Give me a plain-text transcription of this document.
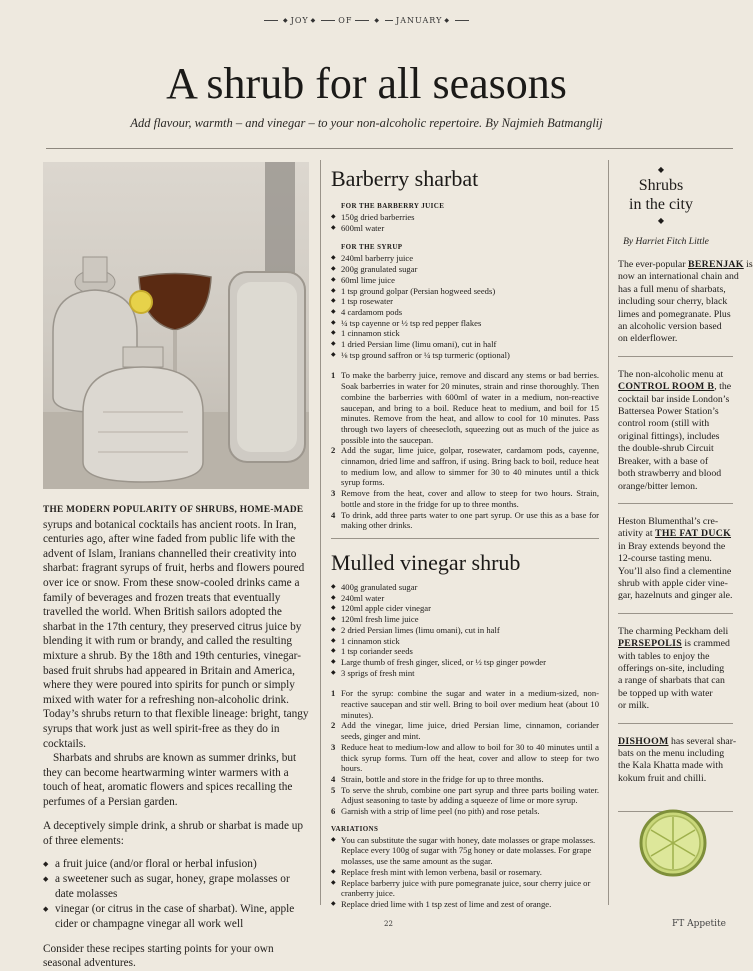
◆ JOY ◆	OF	◆ JANUARY ◆
A shrub for all seasons
Add flavour, warmth – and vinegar – to your non-alcoholic repertoire. By Najmieh Batmanglij

THE MODERN POPULARITY OF SHRUBS, HOME-MADE syrups and botanical cocktails has ancient roots. In Iran, centuries ago, after wine faded from public life with the advent of Islam, Iranians channelled their creativity into sharbat: fragrant syrups of fruit, herbs and flowers poured over ice or snow. From these snow-cooled drinks came a family of beverages and frozen treats that eventually travelled the world. When British sailors adopted the sharbat in the 17th century, they preserved citrus juice by blending it with rum or brandy, and called the resulting mixture a shrub. By the 18th and 19th centuries, vinegar-based fruit shrubs had appeared in Britain and America, where they were poured into spirits for punch or simply mixed with water for a refreshing non-alcoholic drink. Today’s shrubs return to that flexible lineage: bright, tangy syrups that work just as well spirit-free as they do in cocktails.

Sharbats and shrubs are known as summer drinks, but they can become heartwarming winter warmers with a touch of heat, aromatic flowers and spices recalling the perfumes of a Persian garden.

A deceptively simple drink, a shrub or sharbat is made up of three elements:

◆ a fruit juice (and/or floral or herbal infusion)
◆ a sweetener such as sugar, honey, grape molasses or date molasses
◆ vinegar (or citrus in the case of sharbat). Wine, apple cider or champagne vinegar all work well

Consider these recipes starting points for your own seasonal adventures.

Barberry sharbat
FOR THE BARBERRY JUICE
◆ 150g dried barberries
◆ 600ml water
FOR THE SYRUP
◆ 240ml barberry juice
◆ 200g granulated sugar
◆ 60ml lime juice
◆ 1 tsp ground golpar (Persian hogweed seeds)
◆ 1 tsp rosewater
◆ 4 cardamom pods
◆ ¼ tsp cayenne or ½ tsp red pepper flakes
◆ 1 cinnamon stick
◆ 1 dried Persian lime (limu omani), cut in half
◆ ⅛ tsp ground saffron or ¼ tsp turmeric (optional)
1 To make the barberry juice, remove and discard any stems or bad berries. Soak barberries in water for 20 minutes, strain and rinse thoroughly. Then combine the barberries with 600ml of water in a medium, non-reactive saucepan, and bring to a boil. Reduce heat to medium, and boil for 15 minutes. Remove from the heat, and allow to cool for 10 minutes. Pass through two layers of cheesecloth, squeezing out as much of the juice as possible into the saucepan.
2 Add the sugar, lime juice, golpar, rosewater, cardamom pods, cayenne, cinnamon, dried lime and saffron, if using. Bring back to boil, reduce heat to medium low, and allow to simmer for 30 to 40 minutes until a thick syrup forms.
3 Remove from the heat, cover and allow to steep for two hours. Strain, bottle and store in the fridge for up to three months.
4 To drink, add three parts water to one part syrup. Or use this as a base for making other drinks.
Mulled vinegar shrub
◆ 400g granulated sugar
◆ 240ml water
◆ 120ml apple cider vinegar
◆ 120ml fresh lime juice
◆ 2 dried Persian limes (limu omani), cut in half
◆ 1 cinnamon stick
◆ 1 tsp coriander seeds
◆ Large thumb of fresh ginger, sliced, or ½ tsp ginger powder
◆ 3 sprigs of fresh mint
1 For the syrup: combine the sugar and water in a medium-sized, non-reactive saucepan and stir well. Bring to boil over medium heat (about 10 minutes).
2 Add the vinegar, lime juice, dried Persian lime, cinnamon, coriander seeds, ginger and mint.
3 Reduce heat to medium-low and allow to boil for 30 to 40 minutes until a thick syrup forms. Turn off the heat, cover and allow to steep for two hours.
4 Strain, bottle and store in the fridge for up to three months.
5 To serve the shrub, combine one part syrup and three parts boiling water. Adjust seasoning to taste by adding a squeeze of lime or more syrup.
6 Garnish with a strip of lime peel (no pith) and rose petals.
VARIATIONS
◆ You can substitute the sugar with honey, date molasses or grape molasses. Replace every 100g of sugar with 75g honey or date molasses. For grape molasses, use the same amount as the sugar.
◆ Replace fresh mint with lemon verbena, basil or rosemary.
◆ Replace barberry juice with pure pomegranate juice, sour cherry juice or cranberry juice.
◆ Replace dried lime with 1 tsp zest of lime and zest of orange.
◆
Shrubs
in the city
◆
By Harriet Fitch Little

The ever-popular BERENJAK is
now an international chain and
has a full menu of sharbats,
including sour cherry, black
limes and pomegranate. Plus
an alcoholic version based
on elderflower.

The non-alcoholic menu at
CONTROL ROOM B, the
cocktail bar inside London’s
Battersea Power Station’s
control room (still with
original fittings), includes
the double-shrub Circuit
Breaker, with a base of
both strawberry and blood
orange/bitter lemon.

Heston Blumenthal’s cre-
ativity at THE FAT DUCK
in Bray extends beyond the
12-course tasting menu.
You’ll also find a clementine
shrub with apple cider vine-
gar, hazelnuts and ginger ale.

The charming Peckham deli
PERSEPOLIS is crammed
with tables to enjoy the
offerings on-site, including
a range of sharbats that can
be topped up with water
or milk.

DISHOOM has several shar-
bats on the menu including
the Kala Khatta made with
kokum fruit and chilli.

22	FT Appetite
